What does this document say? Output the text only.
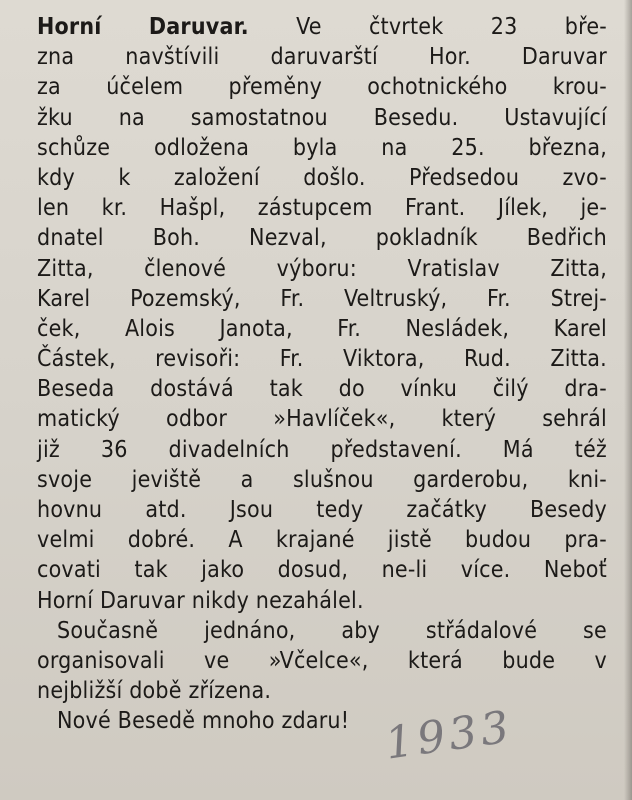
Horní Daruvar. Ve čtvrtek 23 bře-
zna navštívili daruvarští Hor. Daruvar
za účelem přeměny ochotnického krou-
žku na samostatnou Besedu. Ustavující
schůze odložena byla na 25. března,
kdy k založení došlo. Předsedou zvo-
len kr. Hašpl, zástupcem Frant. Jílek, je-
dnatel Boh. Nezval, pokladník Bedřich
Zitta, členové výboru: Vratislav Zitta,
Karel Pozemský, Fr. Veltruský, Fr. Strej-
ček, Alois Janota, Fr. Nesládek, Karel
Částek, revisoři: Fr. Viktora, Rud. Zitta.
Beseda dostává tak do vínku čilý dra-
matický odbor »Havlíček«, který sehrál
již 36 divadelních představení. Má též
svoje jeviště a slušnou garderobu, kni-
hovnu atd. Jsou tedy začátky Besedy
velmi dobré. A krajané jistě budou pra-
covati tak jako dosud, ne-li více. Neboť
Horní Daruvar nikdy nezahálel.
Současně jednáno, aby střádalové se
organisovali ve »Včelce«, která bude v
nejbližší době zřízena.
Nové Besedě mnoho zdaru! 1933
